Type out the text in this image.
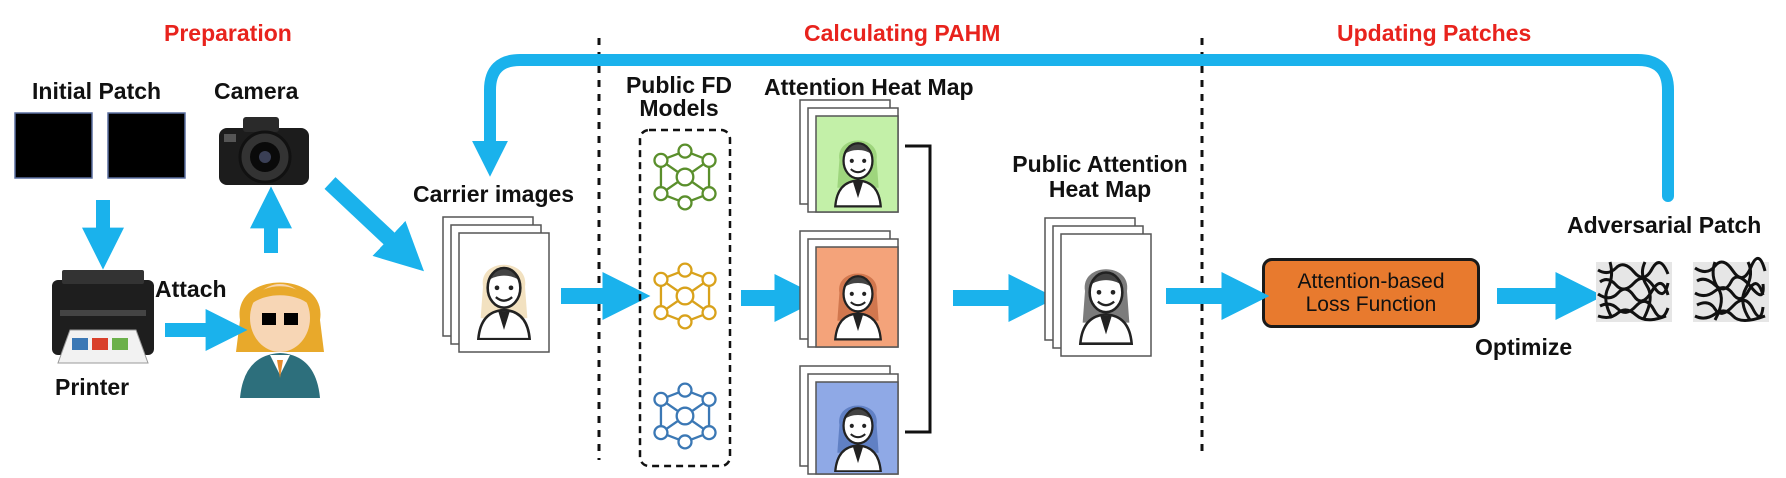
Preparation	Calculating PAHM	Updating Patches
Initial Patch Camera
Attach
Printer
Carrier images
Public FD
Models
Attention Heat Map
Public Attention
Heat Map
Adversarial Patch
Optimize
Attention-based
Loss Function
